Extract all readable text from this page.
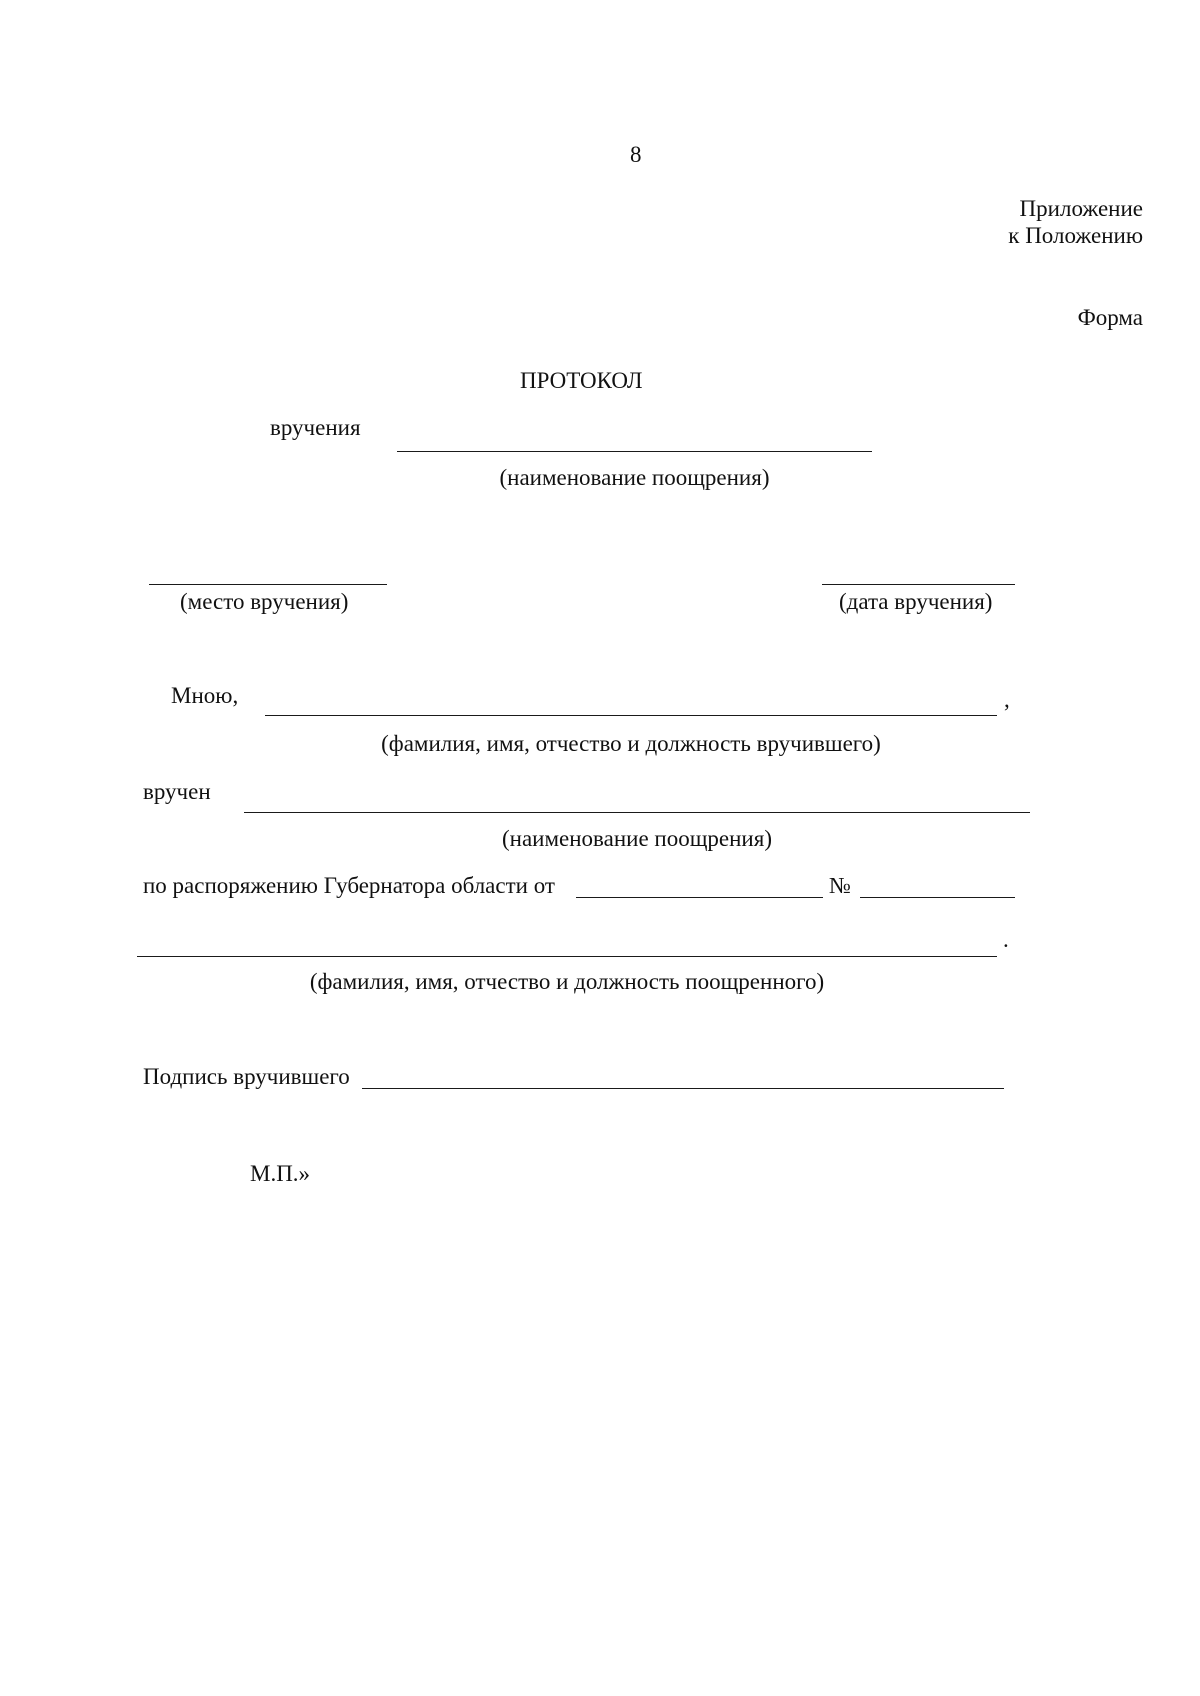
8
Приложение
к Положению
Форма
ПРОТОКОЛ
вручения
(наименование поощрения)
(место вручения)	(дата вручения)
Мною,	,
(фамилия, имя, отчество и должность вручившего)
вручен
(наименование поощрения)
по распоряжению Губернатора области от	№
.
(фамилия, имя, отчество и должность поощренного)
Подпись вручившего
М.П.»
